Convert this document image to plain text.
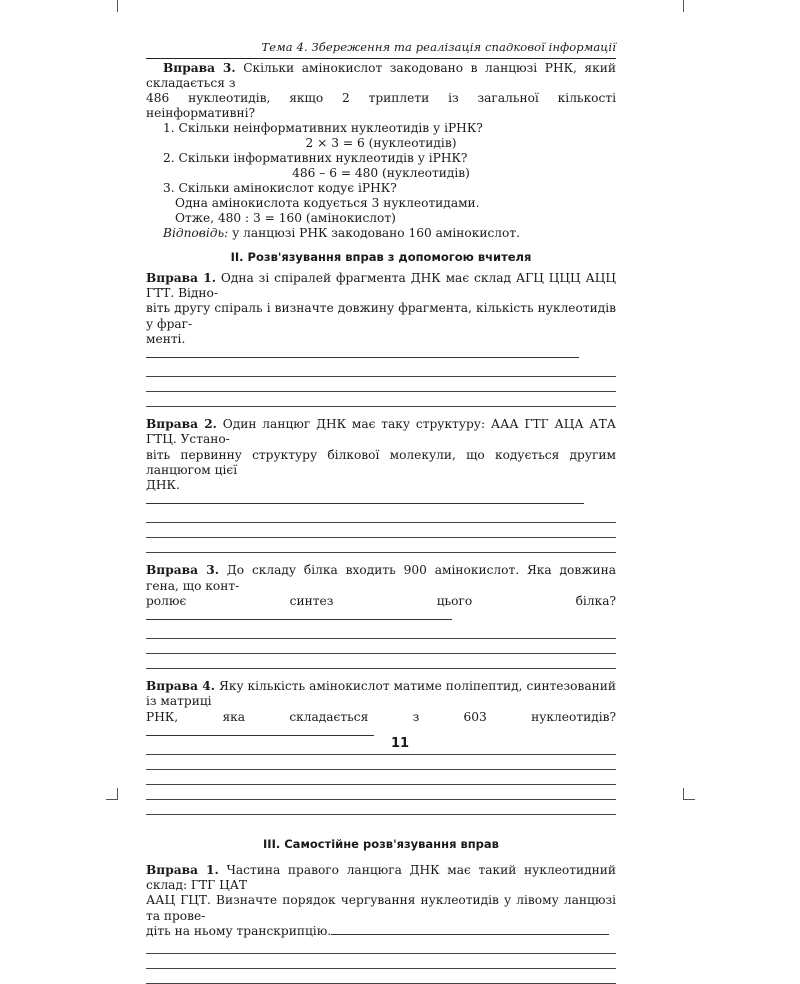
Тема 4. Збереження та реалізація спадкової інформації
Вправа 3. Скільки амінокислот закодовано в ланцюзі РНК, який складається з
486 нуклеотидів, якщо 2 триплети із загальної кількості неінформативні?
1. Скільки неінформативних нуклеотидів у іРНК?
2 × 3 = 6 (нуклеотидів)
2. Скільки інформативних нуклеотидів у іРНК?
486 – 6 = 480 (нуклеотидів)
3. Скільки амінокислот кодує іРНК?
Одна амінокислота кодується 3 нуклеотидами.
Отже, 480 : 3 = 160 (амінокислот)
Відповідь: у ланцюзі РНК закодовано 160 амінокислот.
ІІ. Розв'язування вправ з допомогою вчителя

Вправа 1. Одна зі спіралей фрагмента ДНК має склад АГЦ ЦЦЦ АЦЦ ГТТ. Відно-

віть другу спіраль і визначте довжину фрагмента, кількість нуклеотидів у фраг-

менті.

Вправа 2. Один ланцюг ДНК має таку структуру: ААА ГТГ АЦА АТА ГТЦ. Устано-

віть первинну структуру білкової молекули, що кодується другим ланцюгом цієї

ДНК.

Вправа 3. До складу білка входить 900 амінокислот. Яка довжина гена, що конт-

ролює синтез цього білка?

Вправа 4. Яку кількість амінокислот матиме поліпептид, синтезований із матриці

РНК, яка складається з 603 нуклеотидів?

ІІІ. Самостійне розв'язування вправ

Вправа 1. Частина правого ланцюга ДНК має такий нуклеотидний склад: ГТГ ЦАТ

ААЦ ГЦТ. Визначте порядок чергування нуклеотидів у лівому ланцюзі та прове-

діть на ньому транскрипцію.

11
